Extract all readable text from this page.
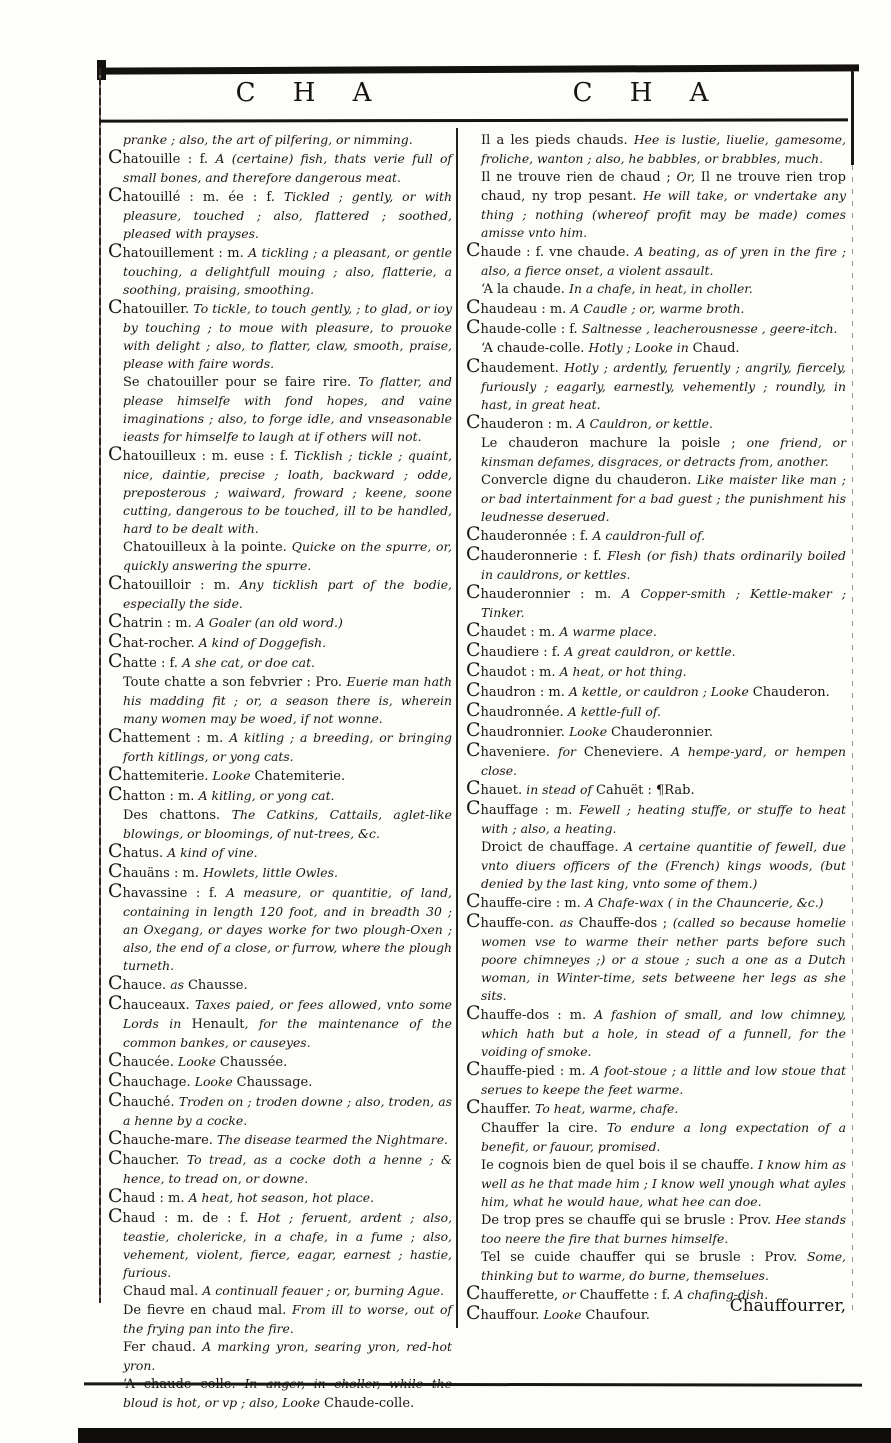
C H A	C H A

pranke ; also, the art of pilfering, or nimming.

Chatouille : f. A (certaine) fish, thats verie full of small bones, and therefore dangerous meat.

Chatouillé : m. ée : f. Tickled ; gently, or with pleasure, touched ; also, flattered ; soothed, pleased with prayses.

Chatouillement : m. A tickling ; a pleasant, or gentle touching, a delightfull mouing ; also, flatterie, a soothing, praising, smoothing.

Chatouiller. To tickle, to touch gently, ; to glad, or ioy by touching ; to moue with pleasure, to prouoke with delight ; also, to flatter, claw, smooth, praise, please with faire words.

Se chatouiller pour se faire rire. To flatter, and please himselfe with fond hopes, and vaine imaginations ; also, to forge idle, and vnseasonable ieasts for himselfe to laugh at if others will not.

Chatouilleux : m. euse : f. Ticklish ; tickle ; quaint, nice, daintie, precise ; loath, backward ; odde, preposterous ; waiward, froward ; keene, soone cutting, dangerous to be touched, ill to be handled, hard to be dealt with.

Chatouilleux à la pointe. Quicke on the spurre, or, quickly answering the spurre.

Chatouilloir : m. Any ticklish part of the bodie, especially the side.

Chatrin : m. A Goaler (an old word.)

Chat-rocher. A kind of Doggefish.

Chatte : f. A she cat, or doe cat.

Toute chatte a son febvrier : Pro. Euerie man hath his madding fit ; or, a season there is, wherein many women may be woed, if not wonne.

Chattement : m. A kitling ; a breeding, or bringing forth kitlings, or yong cats.

Chattemiterie. Looke Chatemiterie.

Chatton : m. A kitling, or yong cat.

Des chattons. The Catkins, Cattails, aglet-like blowings, or bloomings, of nut-trees, &c.

Chatus. A kind of vine.

Chauäns : m. Howlets, little Owles.

Chavassine : f. A measure, or quantitie, of land, containing in length 120 foot, and in breadth 30 ; an Oxegang, or dayes worke for two plough-Oxen ; also, the end of a close, or furrow, where the plough turneth.

Chauce. as Chausse.

Chauceaux. Taxes paied, or fees allowed, vnto some Lords in Henault, for the maintenance of the common bankes, or causeyes.

Chaucée. Looke Chaussée.

Chauchage. Looke Chaussage.

Chauché. Troden on ; troden downe ; also, troden, as a henne by a cocke.

Chauche-mare. The disease tearmed the Nightmare.

Chaucher. To tread, as a cocke doth a henne ; & hence, to tread on, or downe.

Chaud : m. A heat, hot season, hot place.

Chaud : m. de : f. Hot ; feruent, ardent ; also, teastie, cholericke, in a chafe, in a fume ; also, vehement, violent, fierce, eagar, earnest ; hastie, furious.

Chaud mal. A continuall feauer ; or, burning Ague.

De fievre en chaud mal. From ill to worse, out of the frying pan into the fire.

Fer chaud. A marking yron, searing yron, red-hot yron.

bloud is hot, or vp ; also, Looke Chaude-colle.

Il a les pieds chauds. Hee is lustie, liuelie, gamesome, froliche, wanton ; also, he babbles, or brabbles, much.

Il ne trouve rien de chaud ; Or, Il ne trouve rien trop chaud, ny trop pesant. He will take, or vndertake any thing ; nothing (whereof profit may be made) comes amisse vnto him.

Chaude : f. vne chaude. A beating, as of yren in the fire ; also, a fierce onset, a violent assault.

‘A la chaude. In a chafe, in heat, in choller.

Chaudeau : m. A Caudle ; or, warme broth.

Chaude-colle : f. Saltnesse , leacherousnesse , geere-itch.

‘A chaude-colle. Hotly ; Looke in Chaud.

Chaudement. Hotly ; ardently, feruently ; angrily, fiercely, furiously ; eagarly, earnestly, vehemently ; roundly, in hast, in great heat.

Chauderon : m. A Cauldron, or kettle.

Le chauderon machure la poisle ; one friend, or kinsman defames, disgraces, or detracts from, another.

Convercle digne du chauderon. Like maister like man ; or bad intertainment for a bad guest ; the punishment his leudnesse deserued.

Chauderonnée : f. A cauldron-full of.

Chauderonnerie : f. Flesh (or fish) thats ordinarily boiled in cauldrons, or kettles.

Chauderonnier : m. A Copper-smith ; Kettle-maker ; Tinker.

Chaudet : m. A warme place.

Chaudiere : f. A great cauldron, or kettle.

Chaudot : m. A heat, or hot thing.

Chaudron : m. A kettle, or cauldron ; Looke Chauderon.

Chaudronnée. A kettle-full of.

Chaudronnier. Looke Chauderonnier.

Chaveniere. for Cheneviere. A hempe-yard, or hempen close.

Chauet. in stead of Cahuët : ¶Rab.

Chauffage : m. Fewell ; heating stuffe, or stuffe to heat with ; also, a heating.

Droict de chauffage. A certaine quantitie of fewell, due vnto diuers officers of the (French) kings woods, (but denied by the last king, vnto some of them.)

Chauffe-cire : m. A Chafe-wax ( in the Chauncerie, &c.)

Chauffe-con. as Chauffe-dos ; (called so because homelie women vse to warme their nether parts before such poore chimneyes ;) or a stoue ; such a one as a Dutch woman, in Winter-time, sets betweene her legs as she sits.

Chauffe-dos : m. A fashion of small, and low chimney, which hath but a hole, in stead of a funnell, for the voiding of smoke.

Chauffe-pied : m. A foot-stoue ; a little and low stoue that serues to keepe the feet warme.

Chauffer. To heat, warme, chafe.

Chauffer la cire. To endure a long expectation of a benefit, or fauour, promised.

Ie cognois bien de quel bois il se chauffe. I know him as well as he that made him ; I know well ynough what ayles him, what he would haue, what hee can doe.

De trop pres se chauffe qui se brusle : Prov. Hee stands too neere the fire that burnes himselfe.

Tel se cuide chauffer qui se brusle : Prov. Some, thinking but to warme, do burne, themselues.

Chaufferette, or Chauffette : f. A chafing-dish.

Chauffour. Looke Chaufour.	Chauffourrer,
